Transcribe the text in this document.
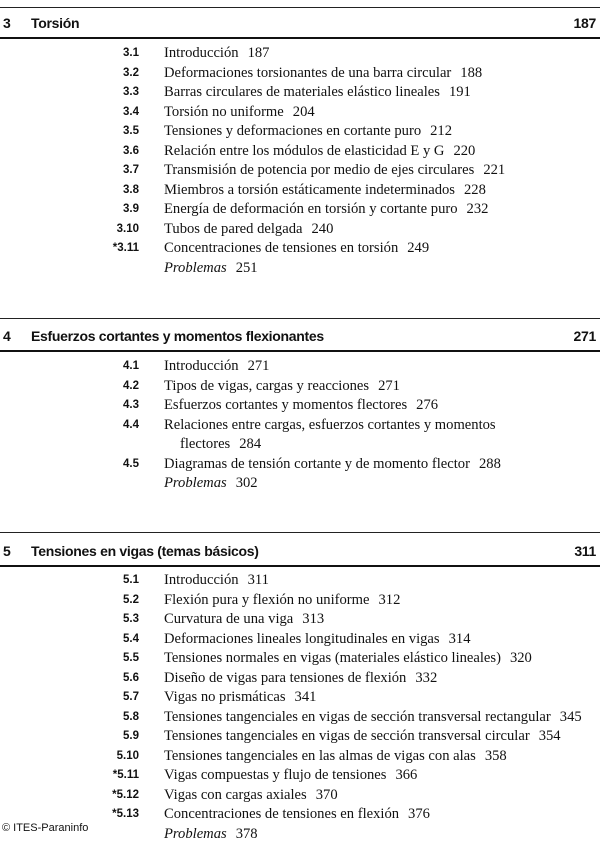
3 Torsión	187
3.1 Introducción 187
3.2 Deformaciones torsionantes de una barra circular 188
3.3 Barras circulares de materiales elástico lineales 191
3.4 Torsión no uniforme 204
3.5 Tensiones y deformaciones en cortante puro 212
3.6 Relación entre los módulos de elasticidad E y G 220
3.7 Transmisión de potencia por medio de ejes circulares 221
3.8 Miembros a torsión estáticamente indeterminados 228
3.9 Energía de deformación en torsión y cortante puro 232
3.10 Tubos de pared delgada 240
*3.11 Concentraciones de tensiones en torsión 249
Problemas 251
4 Esfuerzos cortantes y momentos flexionantes	271
4.1 Introducción 271
4.2 Tipos de vigas, cargas y reacciones 271
4.3 Esfuerzos cortantes y momentos flectores 276
4.4 Relaciones entre cargas, esfuerzos cortantes y momentos
flectores 284
4.5 Diagramas de tensión cortante y de momento flector 288
Problemas 302
5 Tensiones en vigas (temas básicos)	311
5.1 Introducción 311
5.2 Flexión pura y flexión no uniforme 312
5.3 Curvatura de una viga 313
5.4 Deformaciones lineales longitudinales en vigas 314
5.5 Tensiones normales en vigas (materiales elástico lineales) 320
5.6 Diseño de vigas para tensiones de flexión 332
5.7 Vigas no prismáticas 341
5.8 Tensiones tangenciales en vigas de sección transversal rectangular 345
5.9 Tensiones tangenciales en vigas de sección transversal circular 354
5.10 Tensiones tangenciales en las almas de vigas con alas 358
*5.11 Vigas compuestas y flujo de tensiones 366
*5.12 Vigas con cargas axiales 370
*5.13 Concentraciones de tensiones en flexión 376
Problemas 378
© ITES-Paraninfo
